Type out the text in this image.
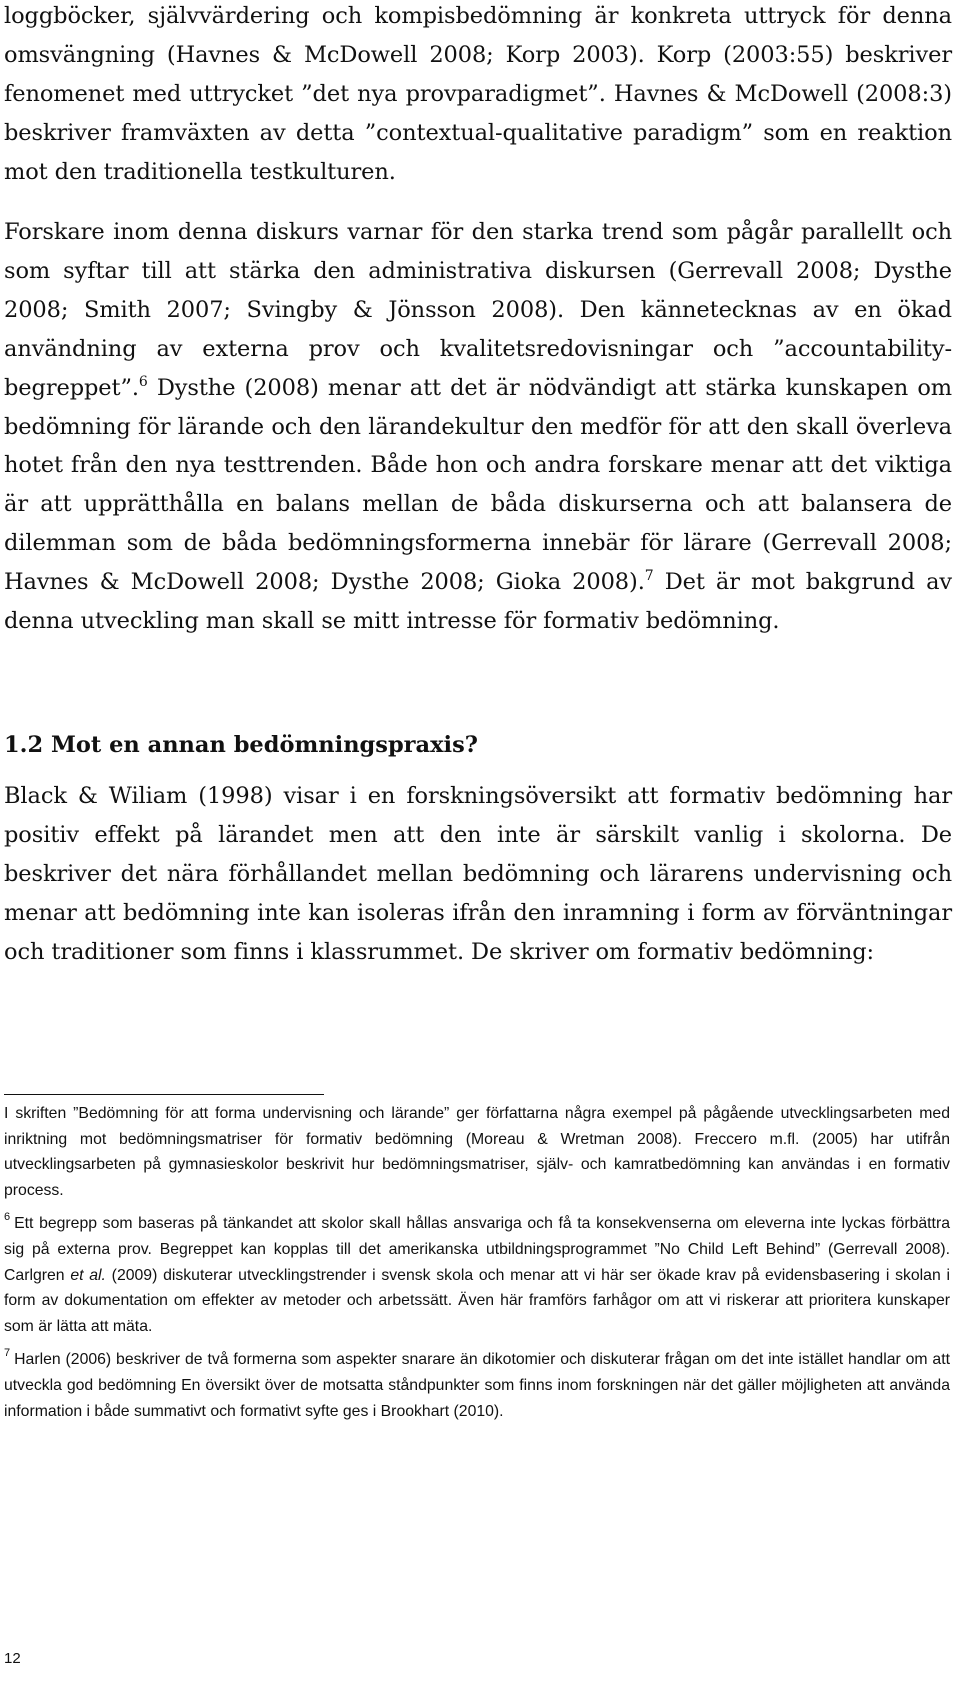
loggböcker, självvärdering och kompisbedömning är konkreta uttryck för denna omsvängning (Havnes & McDowell 2008; Korp 2003). Korp (2003:55) beskriver fenomenet med uttrycket ”det nya provparadigmet”. Havnes & McDowell (2008:3) beskriver framväxten av detta ”contextual-qualitative paradigm” som en reaktion mot den traditionella testkulturen.

Forskare inom denna diskurs varnar för den starka trend som pågår parallellt och som syftar till att stärka den administrativa diskursen (Gerrevall 2008; Dysthe 2008; Smith 2007; Svingby & Jönsson 2008). Den kännetecknas av en ökad användning av externa prov och kvalitetsredovisningar och ”accountability-begreppet”.$^6$ Dysthe (2008) menar att det är nödvändigt att stärka kunskapen om bedömning för lärande och den lärandekultur den medför för att den skall överleva hotet från den nya testtrenden. Både hon och andra forskare menar att det viktiga är att upprätthålla en balans mellan de båda diskurserna och att balansera de dilemman som de båda bedömningsformerna innebär för lärare (Gerrevall 2008; Havnes & McDowell 2008; Dysthe 2008; Gioka 2008).$^7$ Det är mot bakgrund av denna utveckling man skall se mitt intresse för formativ bedömning.

1.2 Mot en annan bedömningspraxis?

Black & Wiliam (1998) visar i en forskningsöversikt att formativ bedömning har positiv effekt på lärandet men att den inte är särskilt vanlig i skolorna. De beskriver det nära förhållandet mellan bedömning och lärarens undervisning och menar att bedömning inte kan isoleras ifrån den inramning i form av förväntningar och traditioner som finns i klassrummet. De skriver om formativ bedömning:

I skriften ”Bedömning för att forma undervisning och lärande” ger författarna några exempel på pågående utvecklingsarbeten med inriktning mot bedömningsmatriser för formativ bedömning (Moreau & Wretman 2008). Freccero m.fl. (2005) har utifrån utvecklingsarbeten på gymnasieskolor beskrivit hur bedömningsmatriser, själv- och kamratbedömning kan användas i en formativ process.

$^6$ Ett begrepp som baseras på tänkandet att skolor skall hållas ansvariga och få ta konsekvenserna om eleverna inte lyckas förbättra sig på externa prov. Begreppet kan kopplas till det amerikanska utbildningsprogrammet ”No Child Left Behind” (Gerrevall 2008). Carlgren et al. (2009) diskuterar utvecklingstrender i svensk skola och menar att vi här ser ökade krav på evidensbasering i skolan i form av dokumentation om effekter av metoder och arbetssätt. Även här framförs farhågor om att vi riskerar att prioritera kunskaper som är lätta att mäta.

$^7$ Harlen (2006) beskriver de två formerna som aspekter snarare än dikotomier och diskuterar frågan om det inte istället handlar om att utveckla god bedömning En översikt över de motsatta ståndpunkter som finns inom forskningen när det gäller möjligheten att använda information i både summativt och formativt syfte ges i Brookhart (2010).

12
